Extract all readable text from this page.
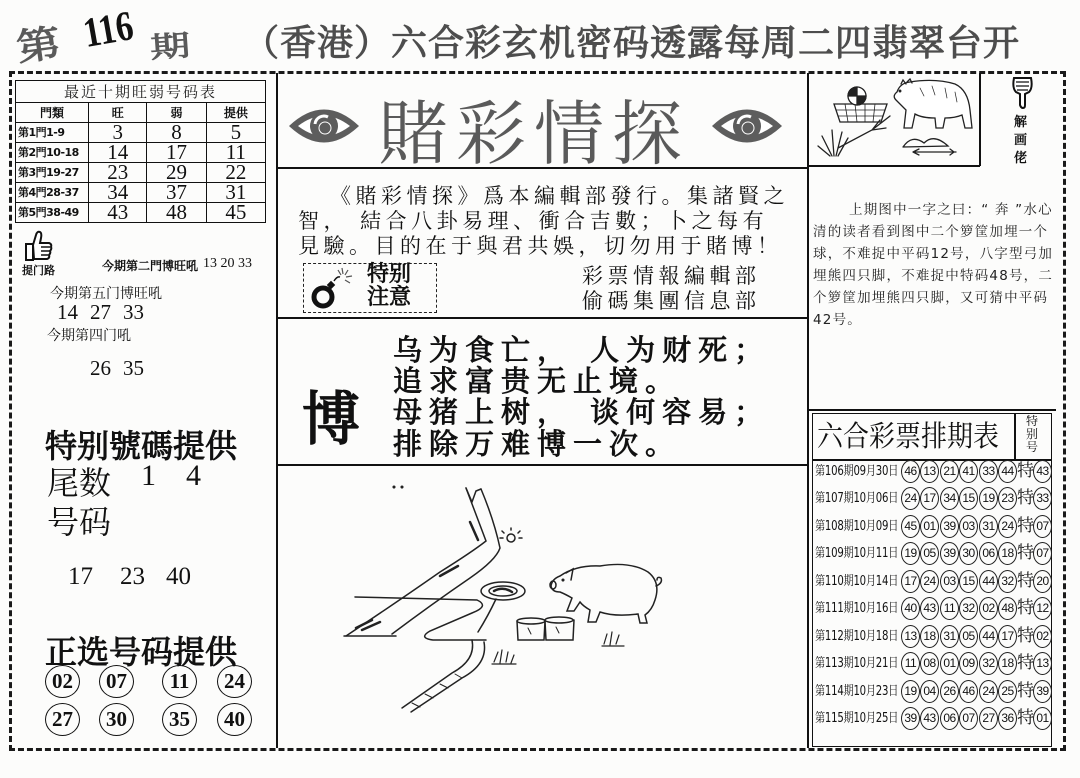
第 116 期 （香港）六合彩玄机密码透露每周二四翡翠台开
最近十期旺弱号码表			
門類	旺	弱	提供
第1門1-9	3	8	5
第2門10-18	14	17	11
第3門19-27	23	29	22
第4門28-37	34	37	31
第5門38-49	43	48	45
提门路	今期第二門博旺吼 13 20 33
今期第五门博旺吼
14 27 33
今期第四门吼
26 35
特别號碼提供
尾数 1 4
号码
17 23 40
正选号码提供
02	07	11	24
27	30	35	40
賭彩情探
《賭彩情探》爲本編輯部發行。集諸賢之
智， 結合八卦易理、衝合吉數；卜之每有
見驗。目的在于與君共娛，切勿用于賭博！
特别
注意
彩票情報編輯部
偷碼集團信息部
博
乌为食亡， 人为财死；
追求富贵无止境。
母猪上树， 谈何容易；
排除万难博一次。
解
画
佬
上期图中一字之曰：“ 奔 ”水心
清的读者看到图中二个箩筐加埋一个
球，不难捉中平码12号，八字型弓加
埋熊四只脚，不难捉中特码48号，二
个箩筐加埋熊四只脚，又可猜中平码
42号。
六合彩票排期表 特
别
号
第106期09月30日 46 13 21 41 33 44 特 43
第107期10月06日 24 17 34 15 19 23 特 33
第108期10月09日 45 01 39 03 31 24 特 07
第109期10月11日 19 05 39 30 06 18 特 07
第110期10月14日 17 24 03 15 44 32 特 20
第111期10月16日 40 43 11 32 02 48 特 12
第112期10月18日 13 18 31 05 44 17 特 02
第113期10月21日 11 08 01 09 32 18 特 13
第114期10月23日 19 04 26 46 24 25 特 39
第115期10月25日 39 43 06 07 27 36 特 01
